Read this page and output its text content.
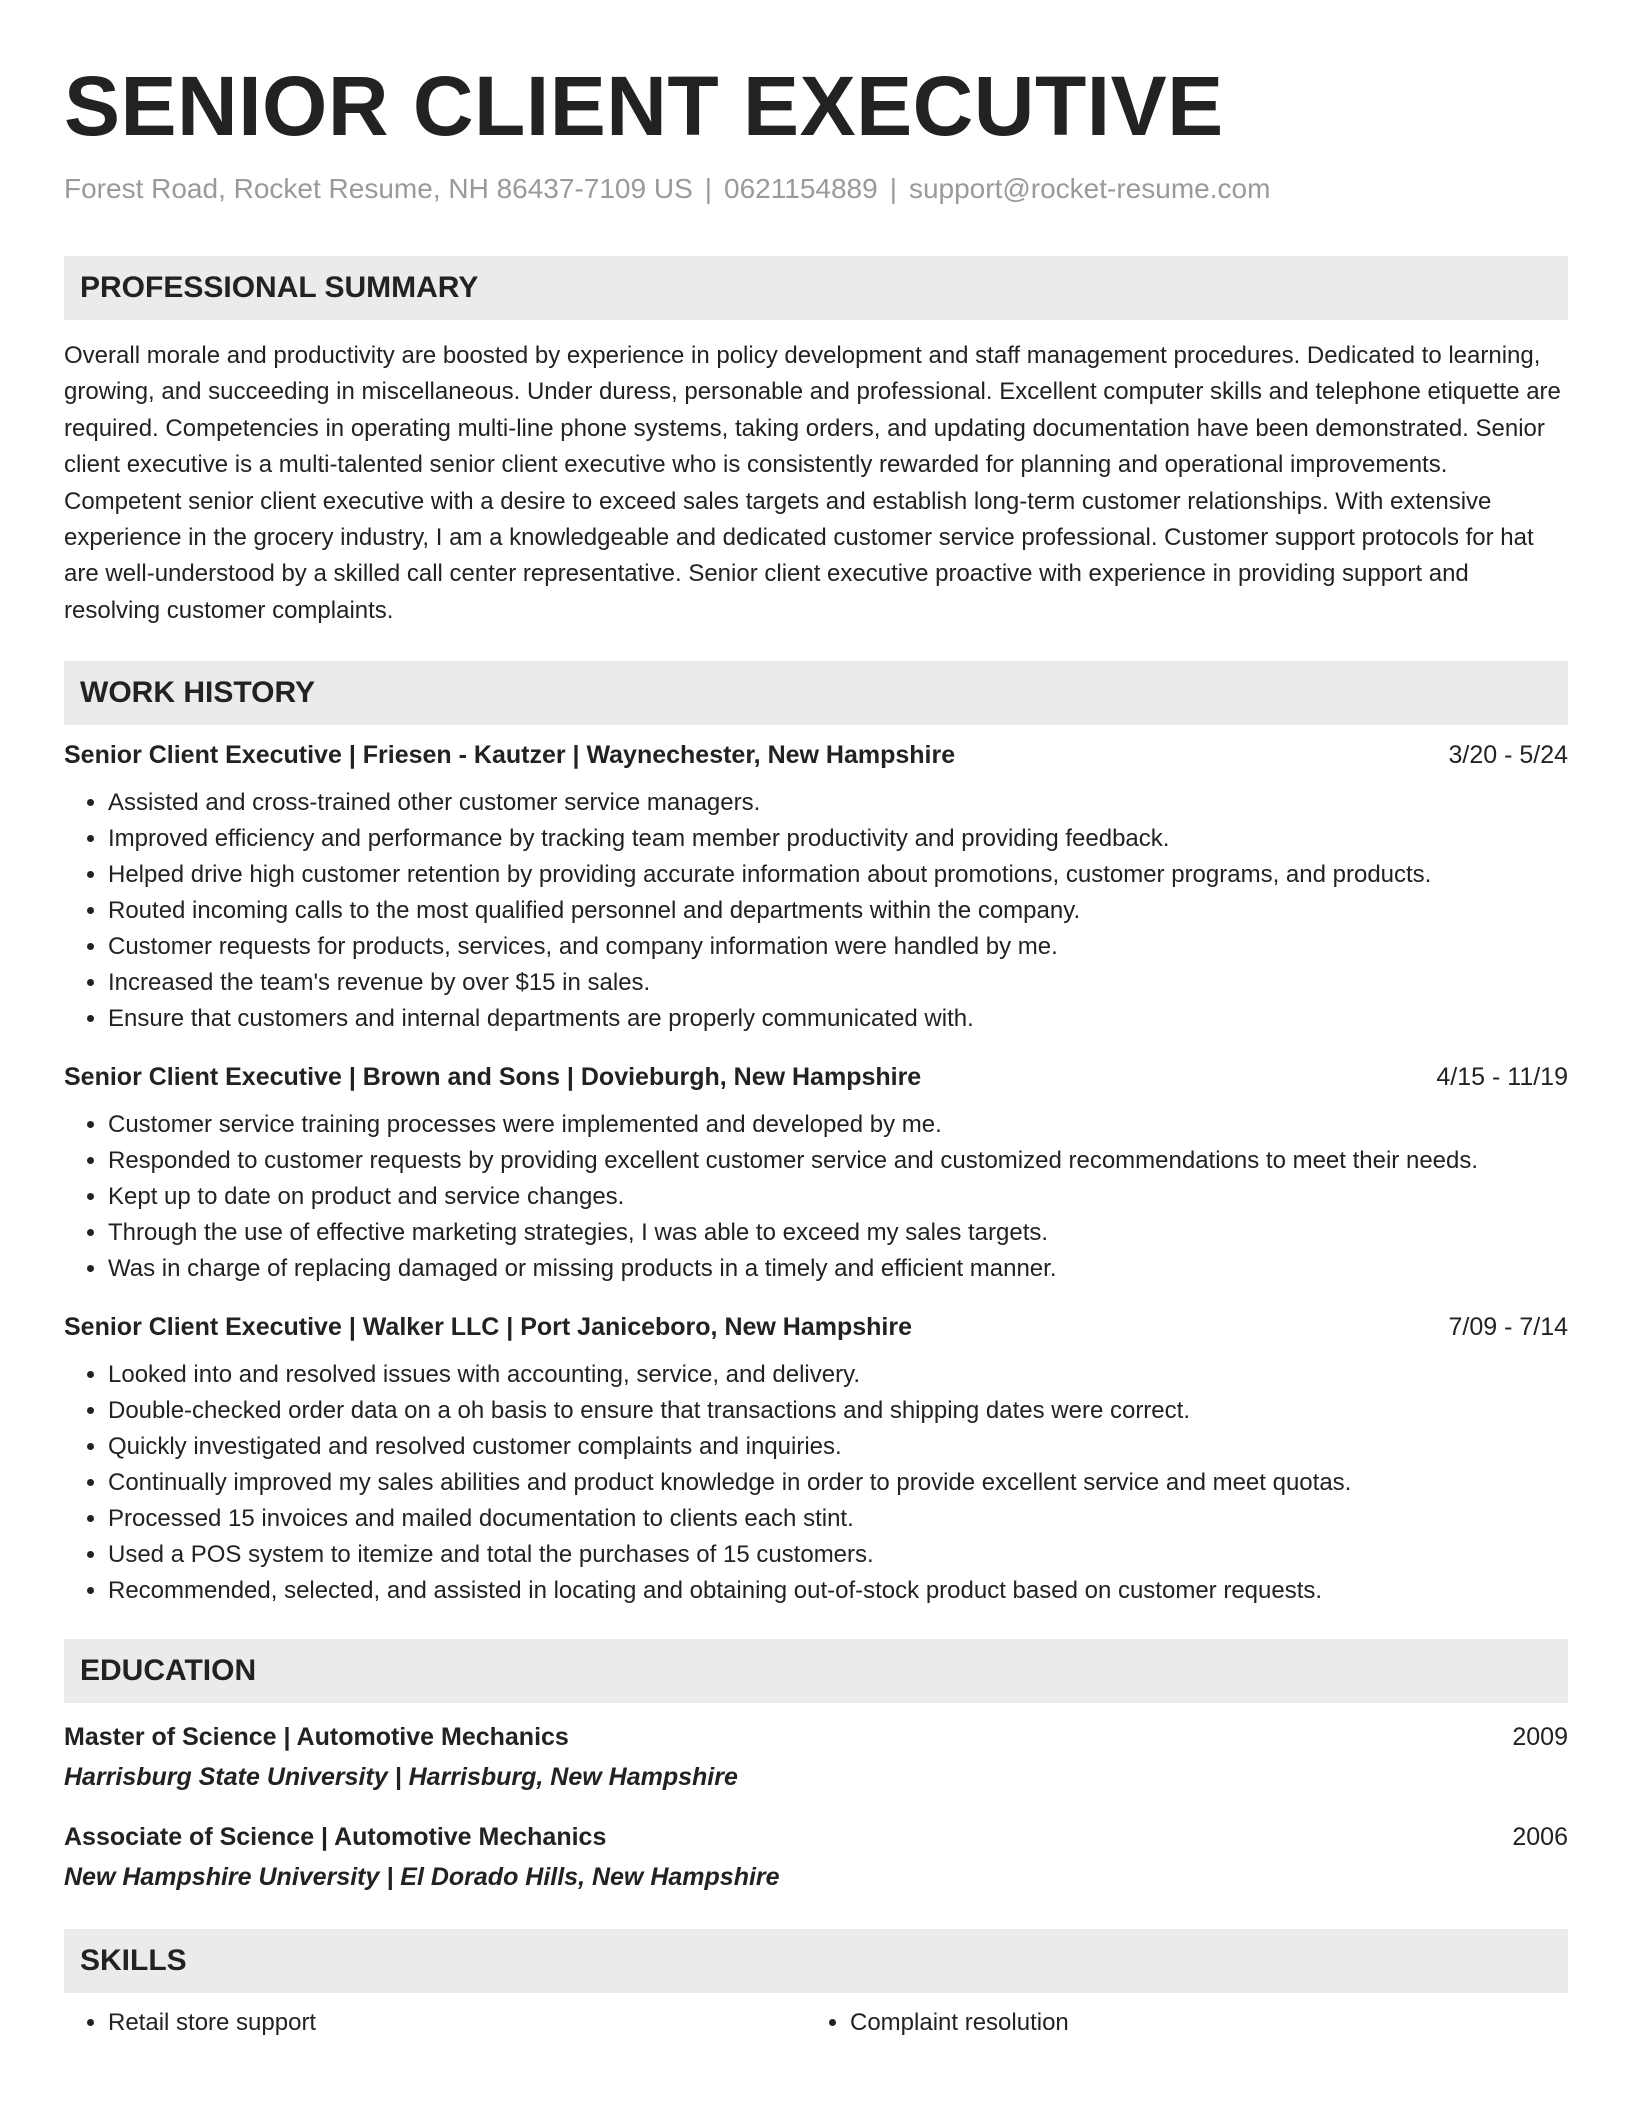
SENIOR CLIENT EXECUTIVE
Forest Road, Rocket Resume, NH 86437-7109 US | 0621154889 | support@rocket-resume.com
PROFESSIONAL SUMMARY
Overall morale and productivity are boosted by experience in policy development and staff management procedures. Dedicated to learning, growing, and succeeding in miscellaneous. Under duress, personable and professional. Excellent computer skills and telephone etiquette are required. Competencies in operating multi-line phone systems, taking orders, and updating documentation have been demonstrated. Senior client executive is a multi-talented senior client executive who is consistently rewarded for planning and operational improvements. Competent senior client executive with a desire to exceed sales targets and establish long-term customer relationships. With extensive experience in the grocery industry, I am a knowledgeable and dedicated customer service professional. Customer support protocols for hat are well-understood by a skilled call center representative. Senior client executive proactive with experience in providing support and resolving customer complaints.
WORK HISTORY
Senior Client Executive | Friesen - Kautzer | Waynechester, New Hampshire	3/20 - 5/24
• Assisted and cross-trained other customer service managers.
• Improved efficiency and performance by tracking team member productivity and providing feedback.
• Helped drive high customer retention by providing accurate information about promotions, customer programs, and products.
• Routed incoming calls to the most qualified personnel and departments within the company.
• Customer requests for products, services, and company information were handled by me.
• Increased the team's revenue by over $15 in sales.
• Ensure that customers and internal departments are properly communicated with.
Senior Client Executive | Brown and Sons | Dovieburgh, New Hampshire	4/15 - 11/19
• Customer service training processes were implemented and developed by me.
• Responded to customer requests by providing excellent customer service and customized recommendations to meet their needs.
• Kept up to date on product and service changes.
• Through the use of effective marketing strategies, I was able to exceed my sales targets.
• Was in charge of replacing damaged or missing products in a timely and efficient manner.
Senior Client Executive | Walker LLC | Port Janiceboro, New Hampshire	7/09 - 7/14
• Looked into and resolved issues with accounting, service, and delivery.
• Double-checked order data on a oh basis to ensure that transactions and shipping dates were correct.
• Quickly investigated and resolved customer complaints and inquiries.
• Continually improved my sales abilities and product knowledge in order to provide excellent service and meet quotas.
• Processed 15 invoices and mailed documentation to clients each stint.
• Used a POS system to itemize and total the purchases of 15 customers.
• Recommended, selected, and assisted in locating and obtaining out-of-stock product based on customer requests.
EDUCATION
Master of Science | Automotive Mechanics	2009
Harrisburg State University | Harrisburg, New Hampshire
Associate of Science | Automotive Mechanics	2006
New Hampshire University | El Dorado Hills, New Hampshire
SKILLS
• Retail store support
•	Complaint resolution
